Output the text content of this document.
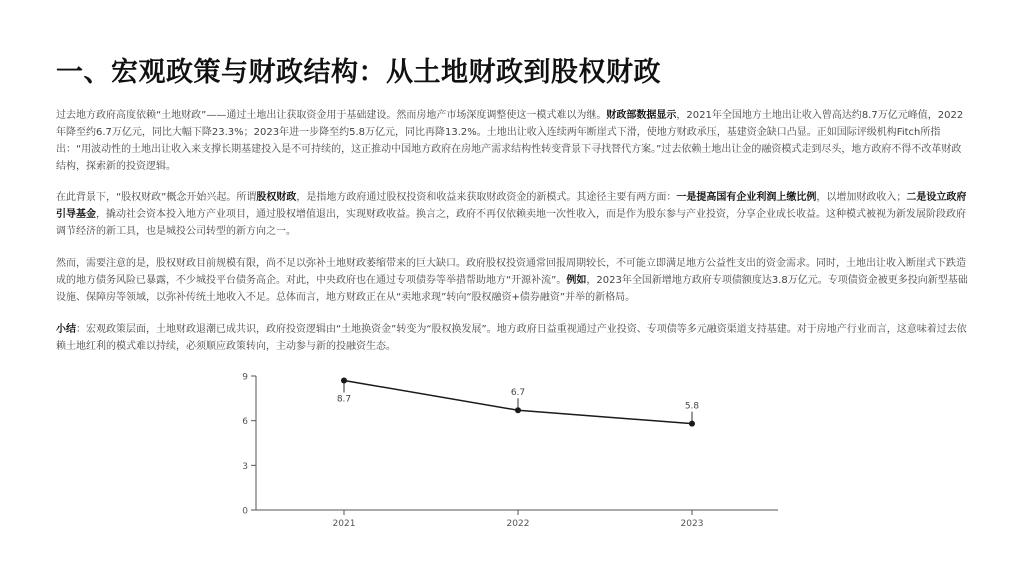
一、宏观政策与财政结构：从土地财政到股权财政

过去地方政府高度依赖“土地财政”——通过土地出让获取资金用于基础建设。然而房地产市场深度调整使这一模式难以为继。财政部数据显示，2021年全国地方土地出让收入曾高达约8.7万亿元峰值，2022年降至约6.7万亿元，同比大幅下降23.3%；2023年进一步降至约5.8万亿元，同比再降13.2%。土地出让收入连续两年断崖式下滑，使地方财政承压，基建资金缺口凸显。正如国际评级机构Fitch所指出：“用波动性的土地出让收入来支撑长期基建投入是不可持续的，这正推动中国地方政府在房地产需求结构性转变背景下寻找替代方案。”过去依赖土地出让金的融资模式走到尽头，地方政府不得不改革财政结构，探索新的投资逻辑。

在此背景下，“股权财政”概念开始兴起。所谓股权财政，是指地方政府通过股权投资和收益来获取财政资金的新模式。其途径主要有两方面：一是提高国有企业利润上缴比例，以增加财政收入；二是设立政府引导基金，撬动社会资本投入地方产业项目，通过股权增值退出，实现财政收益。换言之，政府不再仅依赖卖地一次性收入，而是作为股东参与产业投资，分享企业成长收益。这种模式被视为新发展阶段政府调节经济的新工具，也是城投公司转型的新方向之一。

然而，需要注意的是，股权财政目前规模有限，尚不足以弥补土地财政萎缩带来的巨大缺口。政府股权投资通常回报周期较长，不可能立即满足地方公益性支出的资金需求。同时，土地出让收入断崖式下跌造成的地方债务风险已暴露，不少城投平台债务高企。对此，中央政府也在通过专项债券等举措帮助地方“开源补流”。例如，2023年全国新增地方政府专项债额度达3.8万亿元。专项债资金被更多投向新型基础设施、保障房等领域，以弥补传统土地收入不足。总体而言，地方财政正在从“卖地求现”转向“股权融资+债券融资”并举的新格局。

小结：宏观政策层面，土地财政退潮已成共识，政府投资逻辑由“土地换资金”转变为“股权换发展”。地方政府日益重视通过产业投资、专项债等多元融资渠道支持基建。对于房地产行业而言，这意味着过去依赖土地红利的模式难以持续，必须顺应政策转向，主动参与新的投融资生态。

0
3
6
9
2021	2022	2023
8.7
6.7
5.8
